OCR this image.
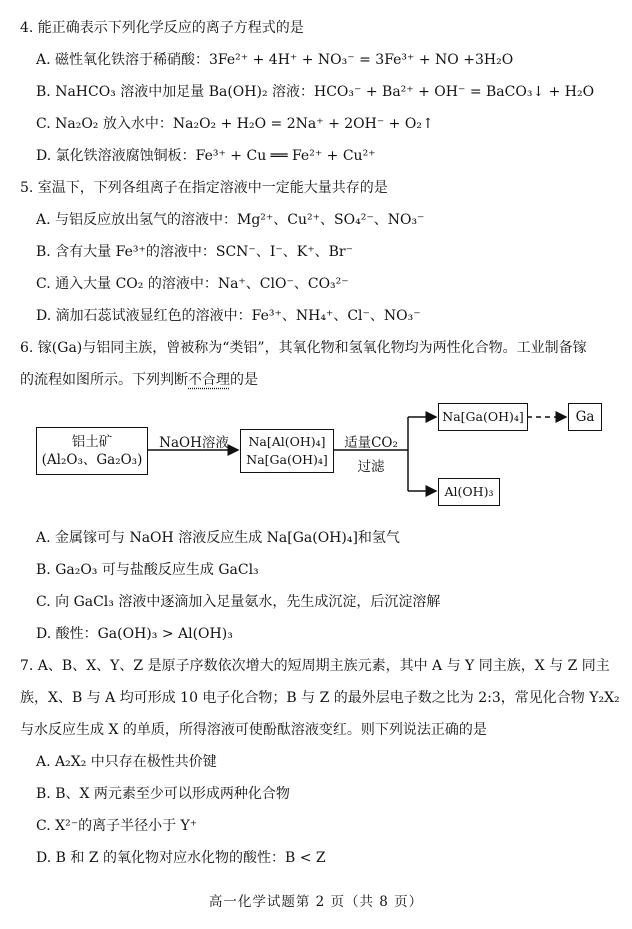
4. 能正确表示下列化学反应的离子方程式的是
A. 磁性氧化铁溶于稀硝酸：3Fe²⁺ + 4H⁺ + NO₃⁻ = 3Fe³⁺ + NO +3H₂O
B. NaHCO₃ 溶液中加足量 Ba(OH)₂ 溶液：HCO₃⁻ + Ba²⁺ + OH⁻ = BaCO₃↓ + H₂O
C. Na₂O₂ 放入水中：Na₂O₂ + H₂O = 2Na⁺ + 2OH⁻ + O₂↑
D. 氯化铁溶液腐蚀铜板：Fe³⁺ + Cu ══ Fe²⁺ + Cu²⁺
5. 室温下，下列各组离子在指定溶液中一定能大量共存的是
A. 与铝反应放出氢气的溶液中：Mg²⁺、Cu²⁺、SO₄²⁻、NO₃⁻
B. 含有大量 Fe³⁺的溶液中：SCN⁻、I⁻、K⁺、Br⁻
C. 通入大量 CO₂ 的溶液中：Na⁺、ClO⁻、CO₃²⁻
D. 滴加石蕊试液显红色的溶液中：Fe³⁺、NH₄⁺、Cl⁻、NO₃⁻
6. 镓(Ga)与铝同主族，曾被称为“类铝”，其氧化物和氢氧化物均为两性化合物。工业制备镓
的流程如图所示。下列判断不合理的是
铝土矿
(Al₂O₃、Ga₂O₃)
NaOH溶液	Na[Al(OH)₄]
Na[Ga(OH)₄]
适量CO₂
过滤
Na[Ga(OH)₄]	Ga
Al(OH)₃
A. 金属镓可与 NaOH 溶液反应生成 Na[Ga(OH)₄]和氢气
B. Ga₂O₃ 可与盐酸反应生成 GaCl₃
C. 向 GaCl₃ 溶液中逐滴加入足量氨水，先生成沉淀，后沉淀溶解
D. 酸性：Ga(OH)₃ > Al(OH)₃
7. A、B、X、Y、Z 是原子序数依次增大的短周期主族元素，其中 A 与 Y 同主族，X 与 Z 同主
族，X、B 与 A 均可形成 10 电子化合物；B 与 Z 的最外层电子数之比为 2:3，常见化合物 Y₂X₂
与水反应生成 X 的单质，所得溶液可使酚酞溶液变红。则下列说法正确的是
A. A₂X₂ 中只存在极性共价键
B. B、X 两元素至少可以形成两种化合物
C. X²⁻的离子半径小于 Y⁺
D. B 和 Z 的氧化物对应水化物的酸性：B < Z
高一化学试题第 2 页（共 8 页）
